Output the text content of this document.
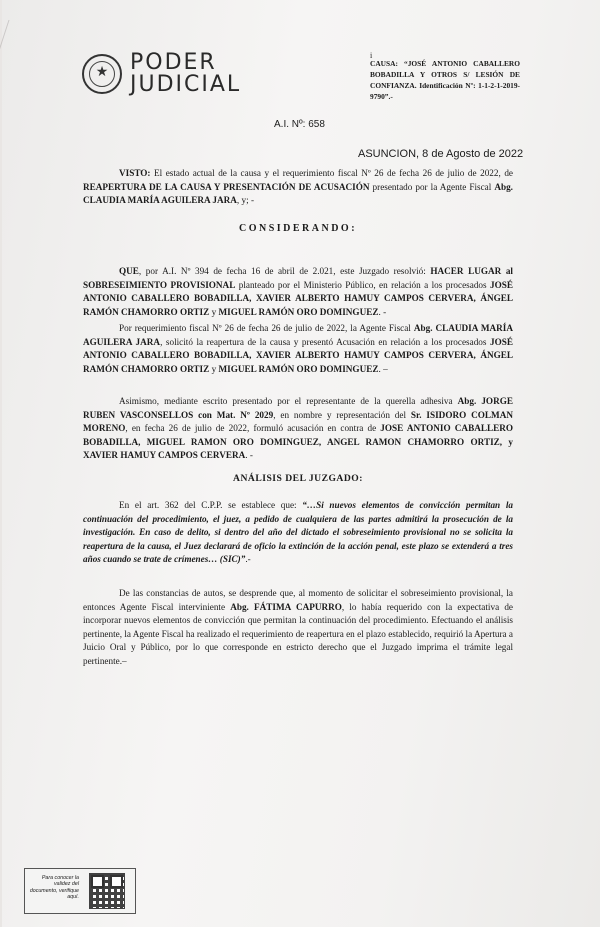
★
PODER
JUDICIAL
i
CAUSA: “JOSÉ ANTONIO CABALLERO BOBADILLA Y OTROS S/ LESIÓN DE CONFIANZA. Identificación Nº: 1-1-2-1-2019-9790”.-
A.I. Nº: 658
ASUNCION, 8 de Agosto de 2022
VISTO: El estado actual de la causa y el requerimiento fiscal Nº 26 de fecha 26 de julio de 2022, de REAPERTURA DE LA CAUSA Y PRESENTACIÓN DE ACUSACIÓN presentado por la Agente Fiscal Abg. CLAUDIA MARÍA AGUILERA JARA, y; -
CONSIDERANDO:
QUE, por A.I. Nº 394 de fecha 16 de abril de 2.021, este Juzgado resolvió: HACER LUGAR al SOBRESEIMIENTO PROVISIONAL planteado por el Ministerio Público, en relación a los procesados JOSÉ ANTONIO CABALLERO BOBADILLA, XAVIER ALBERTO HAMUY CAMPOS CERVERA, ÁNGEL RAMÓN CHAMORRO ORTIZ y MIGUEL RAMÓN ORO DOMINGUEZ. -
Por requerimiento fiscal Nº 26 de fecha 26 de julio de 2022, la Agente Fiscal Abg. CLAUDIA MARÍA AGUILERA JARA, solicitó la reapertura de la causa y presentó Acusación en relación a los procesados JOSÉ ANTONIO CABALLERO BOBADILLA, XAVIER ALBERTO HAMUY CAMPOS CERVERA, ÁNGEL RAMÓN CHAMORRO ORTIZ y MIGUEL RAMÓN ORO DOMINGUEZ. –
Asimismo, mediante escrito presentado por el representante de la querella adhesiva Abg. JORGE RUBEN VASCONSELLOS con Mat. Nº 2029, en nombre y representación del Sr. ISIDORO COLMAN MORENO, en fecha 26 de julio de 2022, formuló acusación en contra de JOSE ANTONIO CABALLERO BOBADILLA, MIGUEL RAMON ORO DOMINGUEZ, ANGEL RAMON CHAMORRO ORTIZ, y XAVIER HAMUY CAMPOS CERVERA. -
ANÁLISIS DEL JUZGADO:
En el art. 362 del C.P.P. se establece que: “…Si nuevos elementos de convicción permitan la continuación del procedimiento, el juez, a pedido de cualquiera de las partes admitirá la prosecución de la investigación. En caso de delito, si dentro del año del dictado el sobreseimiento provisional no se solicita la reapertura de la causa, el Juez declarará de oficio la extinción de la acción penal, este plazo se extenderá a tres años cuando se trate de crímenes… (SIC)”.-
De las constancias de autos, se desprende que, al momento de solicitar el sobreseimiento provisional, la entonces Agente Fiscal interviniente Abg. FÁTIMA CAPURRO, lo había requerido con la expectativa de incorporar nuevos elementos de convicción que permitan la continuación del procedimiento. Efectuando el análisis pertinente, la Agente Fiscal ha realizado el requerimiento de reapertura en el plazo establecido, requirió la Apertura a Juicio Oral y Público, por lo que corresponde en estricto derecho que el Juzgado imprima el trámite legal pertinente.–
Para conocer la validez del documento, verifique aquí.
